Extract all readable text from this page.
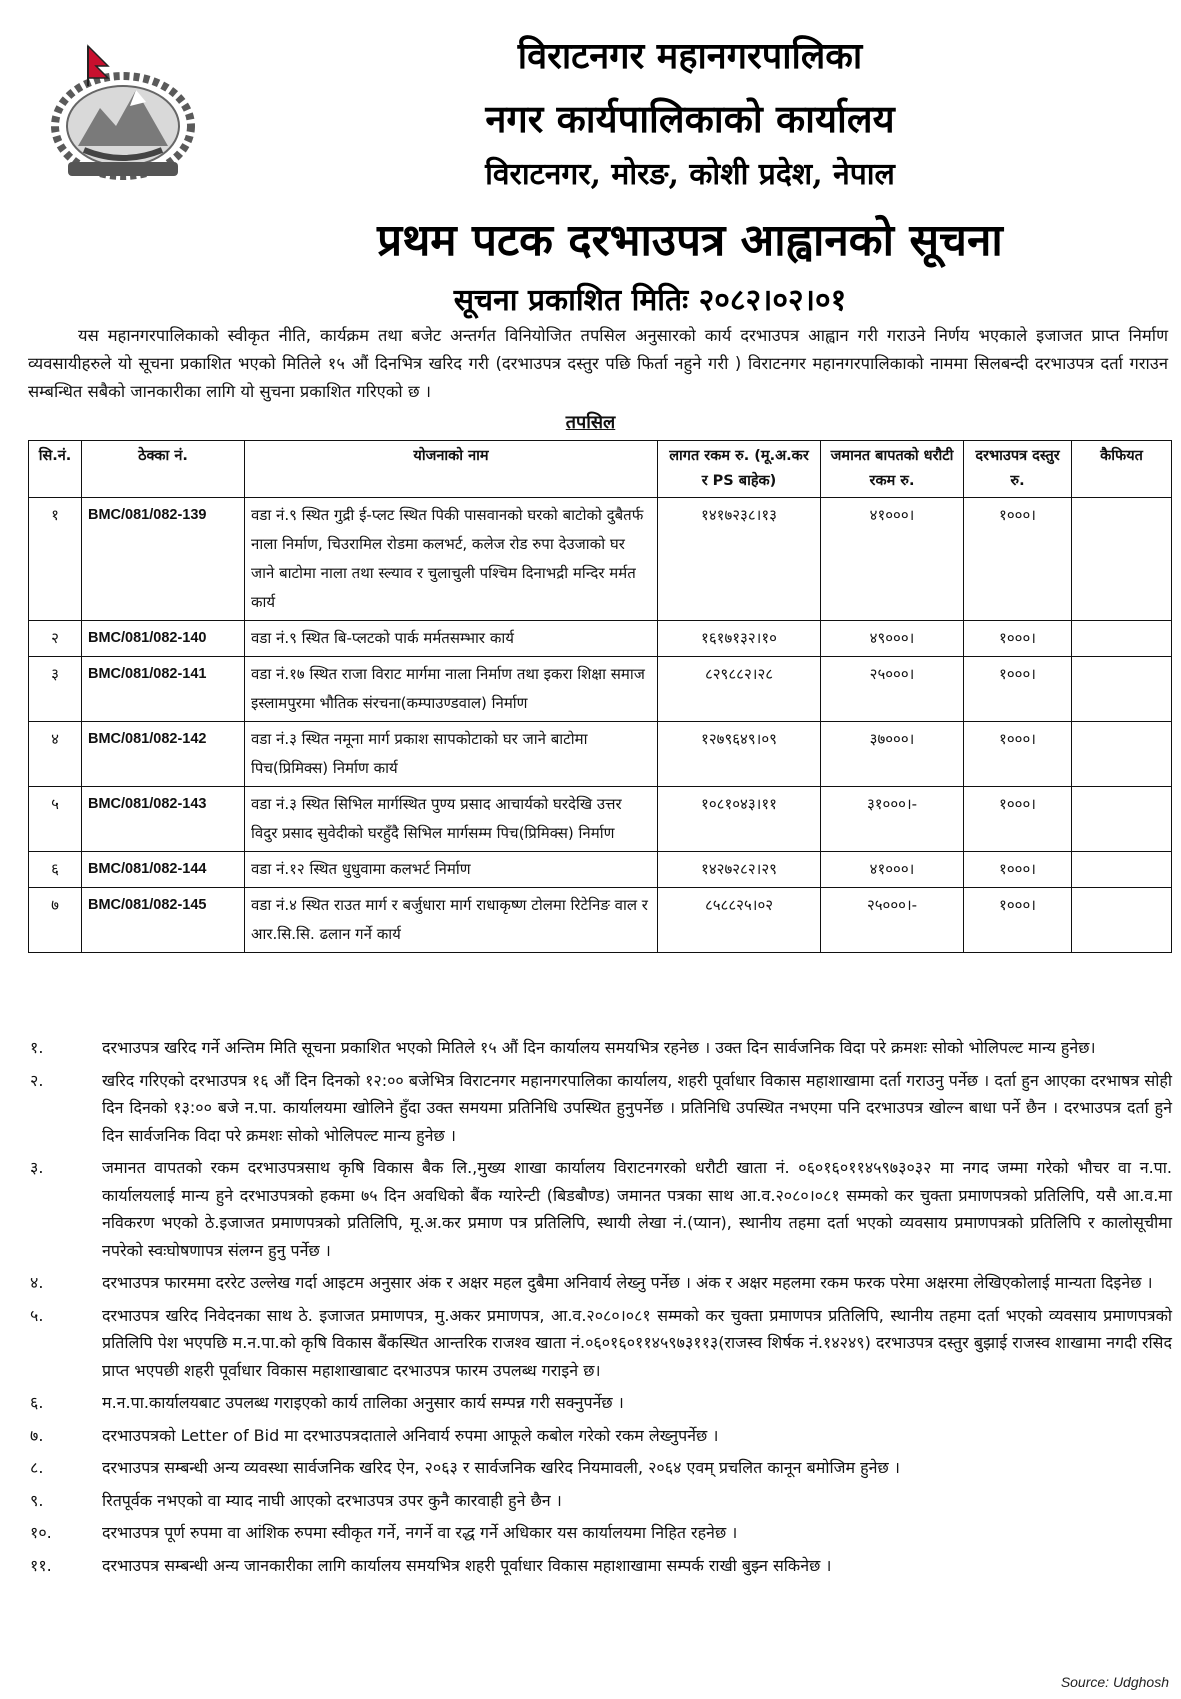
विराटनगर महानगरपालिका
नगर कार्यपालिकाको कार्यालय
विराटनगर, मोरङ, कोशी प्रदेश, नेपाल
प्रथम पटक दरभाउपत्र आह्वानको सूचना
सूचना प्रकाशित मितिः २०८२।०२।०१
यस महानगरपालिकाको स्वीकृत नीति, कार्यक्रम तथा बजेट अन्तर्गत विनियोजित तपसिल अनुसारको कार्य दरभाउपत्र आह्वान गरी गराउने निर्णय भएकाले इजाजत प्राप्त निर्माण व्यवसायीहरुले यो सूचना प्रकाशित भएको मितिले १५ औं दिनभित्र खरिद गरी (दरभाउपत्र दस्तुर पछि फिर्ता नहुने गरी ) विराटनगर महानगरपालिकाको नाममा सिलबन्दी दरभाउपत्र दर्ता गराउन सम्बन्धित सबैको जानकारीका लागि यो सुचना प्रकाशित गरिएको छ ।
तपसिल
सि.नं.	ठेक्का नं.	योजनाको नाम	लागत रकम रु. (मू.अ.कर र PS बाहेक)	जमानत बापतको धरौटी रकम रु.	दरभाउपत्र दस्तुर रु.	कैफियत
१	BMC/081/082-139	वडा नं.९ स्थित गुद्री ई-प्लट स्थित पिकी पासवानको घरको बाटोको दुबैतर्फ नाला निर्माण, चिउरामिल रोडमा कलभर्ट, कलेज रोड रुपा देउजाको घर जाने बाटोमा नाला तथा स्ल्याव र चुलाचुली पश्चिम दिनाभद्री मन्दिर मर्मत कार्य	१४१७२३८।१३	४१०००।	१०००।	
२	BMC/081/082-140	वडा नं.९ स्थित बि-प्लटको पार्क मर्मतसम्भार कार्य	१६१७१३२।१०	४९०००।	१०००।	
३	BMC/081/082-141	वडा नं.१७ स्थित राजा विराट मार्गमा नाला निर्माण तथा इकरा शिक्षा समाज इस्लामपुरमा भौतिक संरचना(कम्पाउण्डवाल) निर्माण	८२९८८२।२८	२५०००।	१०००।	
४	BMC/081/082-142	वडा नं.३ स्थित नमूना मार्ग प्रकाश सापकोटाको घर जाने बाटोमा पिच(प्रिमिक्स) निर्माण कार्य	१२७९६४९।०९	३७०००।	१०००।	
५	BMC/081/082-143	वडा नं.३ स्थित सिभिल मार्गस्थित पुण्य प्रसाद आचार्यको घरदेखि उत्तर विदुर प्रसाद सुवेदीको घरहुँदै सिभिल मार्गसम्म पिच(प्रिमिक्स) निर्माण	१०८१०४३।११	३१०००।-	१०००।	
६	BMC/081/082-144	वडा नं.१२ स्थित धुधुवामा कलभर्ट निर्माण	१४२७२८२।२९	४१०००।	१०००।	
७	BMC/081/082-145	वडा नं.४ स्थित राउत मार्ग र बर्जुधारा मार्ग राधाकृष्ण टोलमा रिटेनिङ वाल र आर.सि.सि. ढलान गर्ने कार्य	८५८८२५।०२	२५०००।-	१०००।	
१.	दरभाउपत्र खरिद गर्ने अन्तिम मिति सूचना प्रकाशित भएको मितिले १५ औं दिन कार्यालय समयभित्र रहनेछ । उक्त दिन सार्वजनिक विदा परे क्रमशः सोको भोलिपल्ट मान्य हुनेछ।
२.	खरिद गरिएको दरभाउपत्र १६ औं दिन दिनको १२:०० बजेभित्र विराटनगर महानगरपालिका कार्यालय, शहरी पूर्वाधार विकास महाशाखामा दर्ता गराउनु पर्नेछ । दर्ता हुन आएका दरभाषत्र सोही दिन दिनको १३:०० बजे न.पा. कार्यालयमा खोलिने हुँदा उक्त समयमा प्रतिनिधि उपस्थित हुनुपर्नेछ । प्रतिनिधि उपस्थित नभएमा पनि दरभाउपत्र खोल्न बाधा पर्ने छैन । दरभाउपत्र दर्ता हुने दिन सार्वजनिक विदा परे क्रमशः सोको भोलिपल्ट मान्य हुनेछ ।
३.	जमानत वापतको रकम दरभाउपत्रसाथ कृषि विकास बैक लि.,मुख्य शाखा कार्यालय विराटनगरको धरौटी खाता नं. ०६०१६०११४५९७३०३२ मा नगद जम्मा गरेको भौचर वा न.पा. कार्यालयलाई मान्य हुने दरभाउपत्रको हकमा ७५ दिन अवधिको बैंक ग्यारेन्टी (बिडबौण्ड) जमानत पत्रका साथ आ.व.२०८०।०८१ सम्मको कर चुक्ता प्रमाणपत्रको प्रतिलिपि, यसै आ.व.मा नविकरण भएको ठे.इजाजत प्रमाणपत्रको प्रतिलिपि, मू.अ.कर प्रमाण पत्र प्रतिलिपि, स्थायी लेखा नं.(प्यान), स्थानीय तहमा दर्ता भएको व्यवसाय प्रमाणपत्रको प्रतिलिपि र कालोसूचीमा नपरेको स्वःघोषणापत्र संलग्न हुनु पर्नेछ ।
४.	दरभाउपत्र फारममा दररेट उल्लेख गर्दा आइटम अनुसार अंक र अक्षर महल दुबैमा अनिवार्य लेख्नु पर्नेछ । अंक र अक्षर महलमा रकम फरक परेमा अक्षरमा लेखिएकोलाई मान्यता दिइनेछ ।
५.	दरभाउपत्र खरिद निवेदनका साथ ठे. इजाजत प्रमाणपत्र, मु.अकर प्रमाणपत्र, आ.व.२०८०।०८१ सम्मको कर चुक्ता प्रमाणपत्र प्रतिलिपि, स्थानीय तहमा दर्ता भएको व्यवसाय प्रमाणपत्रको प्रतिलिपि पेश भएपछि म.न.पा.को कृषि विकास बैंकस्थित आन्तरिक राजश्व खाता नं.०६०१६०११४५९७३११३(राजस्व शिर्षक नं.१४२४९) दरभाउपत्र दस्तुर बुझाई राजस्व शाखामा नगदी रसिद प्राप्त भएपछी शहरी पूर्वाधार विकास महाशाखाबाट दरभाउपत्र फारम उपलब्ध गराइने छ।
६.	म.न.पा.कार्यालयबाट उपलब्ध गराइएको कार्य तालिका अनुसार कार्य सम्पन्न गरी सक्नुपर्नेछ ।
७.	दरभाउपत्रको Letter of Bid मा दरभाउपत्रदाताले अनिवार्य रुपमा आफूले कबोल गरेको रकम लेख्नुपर्नेछ ।
८.	दरभाउपत्र सम्बन्धी अन्य व्यवस्था सार्वजनिक खरिद ऐन, २०६३ र सार्वजनिक खरिद नियमावली, २०६४ एवम् प्रचलित कानून बमोजिम हुनेछ ।
९.	रितपूर्वक नभएको वा म्याद नाघी आएको दरभाउपत्र उपर कुनै कारवाही हुने छैन ।
१०.	दरभाउपत्र पूर्ण रुपमा वा आंशिक रुपमा स्वीकृत गर्ने, नगर्ने वा रद्ध गर्ने अधिकार यस कार्यालयमा निहित रहनेछ ।
११.	दरभाउपत्र सम्बन्धी अन्य जानकारीका लागि कार्यालय समयभित्र शहरी पूर्वाधार विकास महाशाखामा सम्पर्क राखी बुझ्न सकिनेछ ।
Source: Udghosh
